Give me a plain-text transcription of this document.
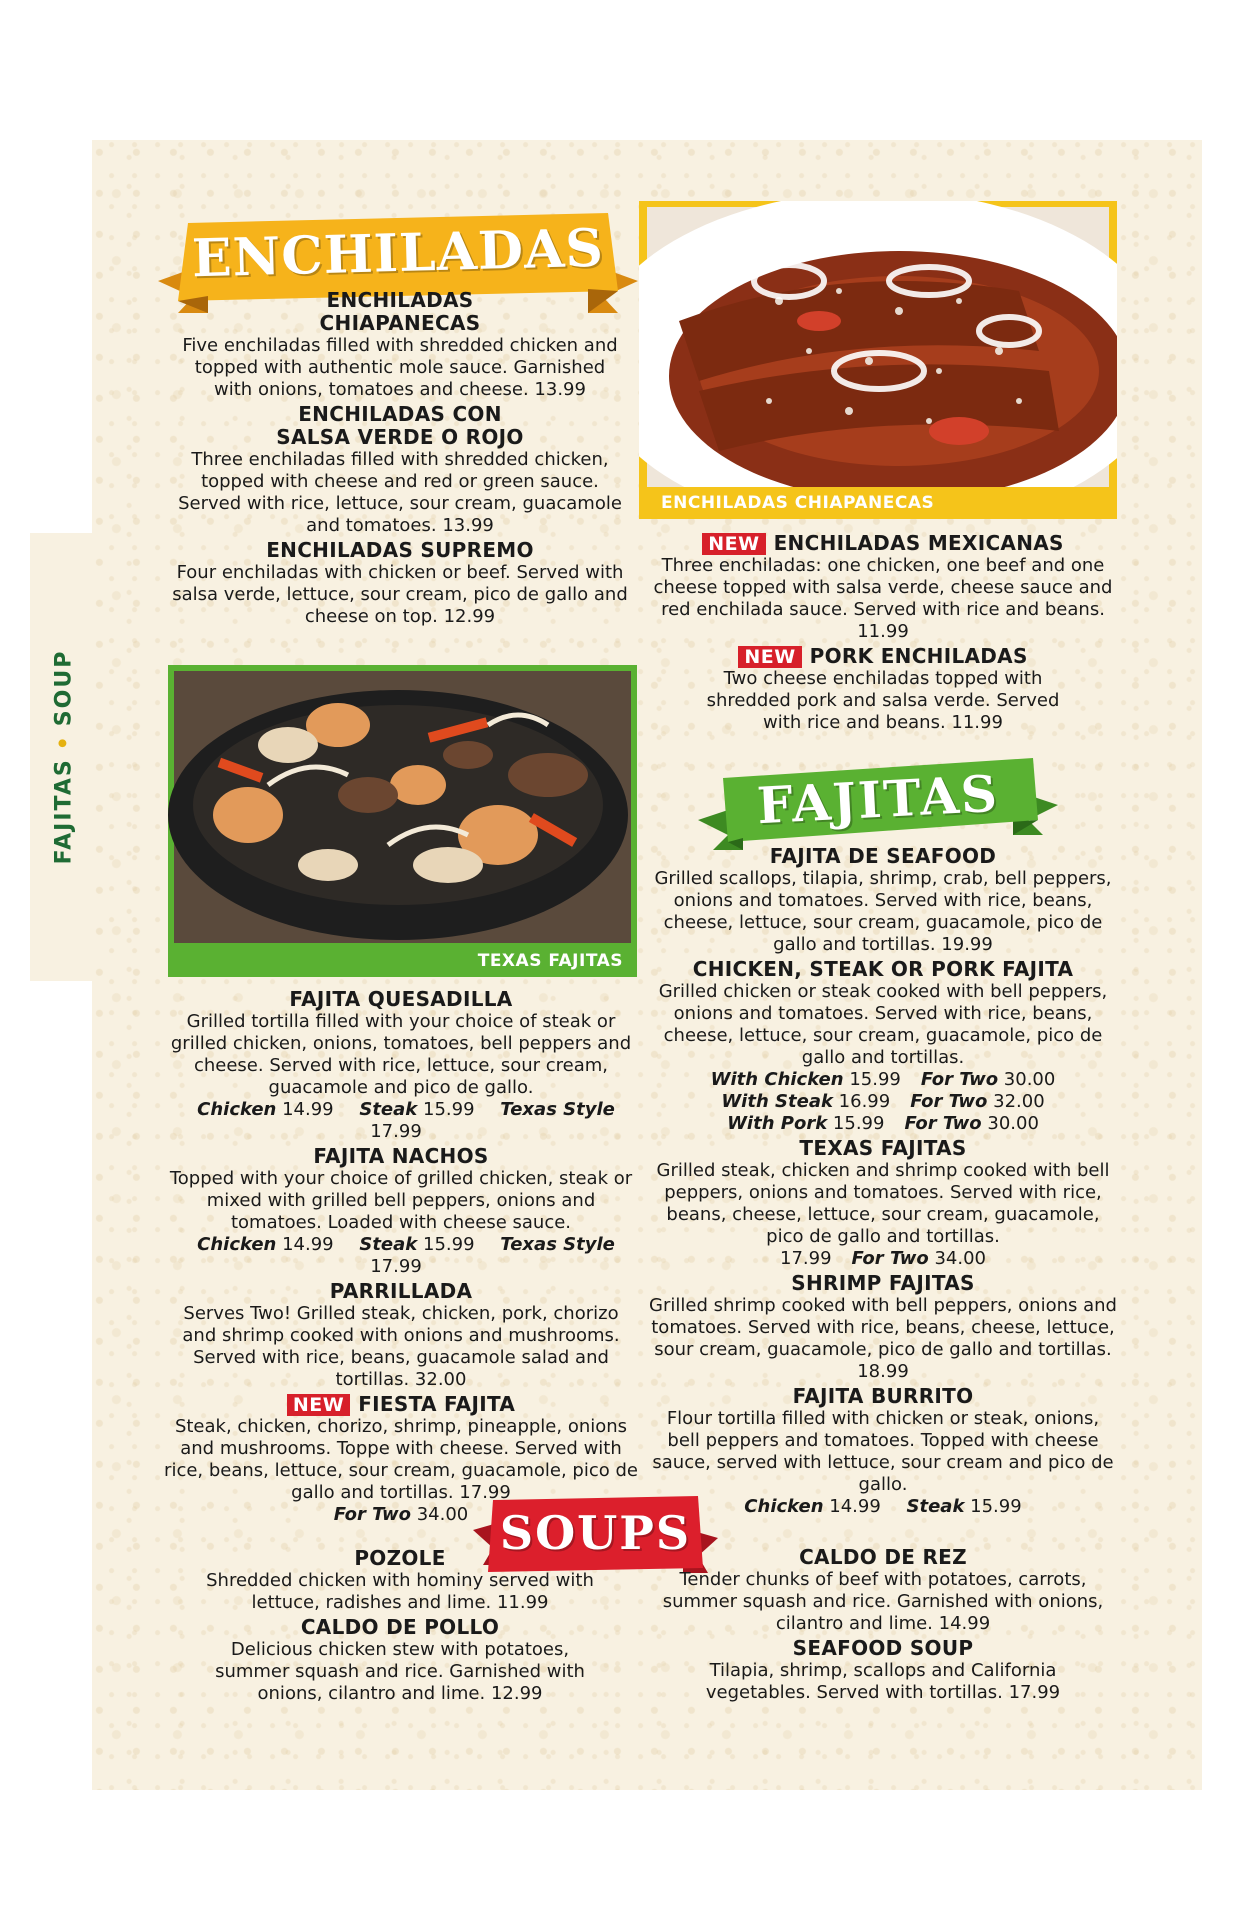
FAJITAS•SOUP
ENCHILADAS
ENCHILADAS CHIAPANECAS
ENCHILADAS CHIAPANECAS
Five enchiladas filled with shredded chicken and topped with authentic mole sauce. Garnished with onions, tomatoes and cheese. 13.99
ENCHILADAS CON SALSA VERDE O ROJO
Three enchiladas filled with shredded chicken, topped with cheese and red or green sauce. Served with rice, lettuce, sour cream, guacamole and tomatoes. 13.99
ENCHILADAS SUPREMO
Four enchiladas with chicken or beef. Served with salsa verde, lettuce, sour cream, pico de gallo and cheese on top. 12.99
NEW ENCHILADAS MEXICANAS
Three enchiladas: one chicken, one beef and one cheese topped with salsa verde, cheese sauce and red enchilada sauce. Served with rice and beans. 11.99
NEW PORK ENCHILADAS
Two cheese enchiladas topped with shredded pork and salsa verde. Served with rice and beans. 11.99
TEXAS FAJITAS
FAJITAS
FAJITA QUESADILLA
Grilled tortilla filled with your choice of steak or grilled chicken, onions, tomatoes, bell peppers and cheese. Served with rice, lettuce, sour cream, guacamole and pico de gallo.
Chicken 14.99 Steak 15.99 Texas Style 17.99
FAJITA NACHOS
Topped with your choice of grilled chicken, steak or mixed with grilled bell peppers, onions and tomatoes. Loaded with cheese sauce.
Chicken 14.99 Steak 15.99 Texas Style 17.99
PARRILLADA
Serves Two! Grilled steak, chicken, pork, chorizo and shrimp cooked with onions and mushrooms. Served with rice, beans, guacamole salad and tortillas. 32.00
NEW FIESTA FAJITA
Steak, chicken, chorizo, shrimp, pineapple, onions and mushrooms. Toppe with cheese. Served with rice, beans, lettuce, sour cream, guacamole, pico de gallo and tortillas. 17.99
For Two 34.00
FAJITA DE SEAFOOD
Grilled scallops, tilapia, shrimp, crab, bell peppers, onions and tomatoes. Served with rice, beans, cheese, lettuce, sour cream, guacamole, pico de gallo and tortillas. 19.99
CHICKEN, STEAK OR PORK FAJITA
Grilled chicken or steak cooked with bell peppers, onions and tomatoes. Served with rice, beans, cheese, lettuce, sour cream, guacamole, pico de gallo and tortillas.
With Chicken 15.99 For Two 30.00
With Steak 16.99 For Two 32.00
With Pork 15.99 For Two 30.00
TEXAS FAJITAS
Grilled steak, chicken and shrimp cooked with bell peppers, onions and tomatoes. Served with rice, beans, cheese, lettuce, sour cream, guacamole, pico de gallo and tortillas.
17.99 For Two 34.00
SHRIMP FAJITAS
Grilled shrimp cooked with bell peppers, onions and tomatoes. Served with rice, beans, cheese, lettuce, sour cream, guacamole, pico de gallo and tortillas. 18.99
FAJITA BURRITO
Flour tortilla filled with chicken or steak, onions, bell peppers and tomatoes. Topped with cheese sauce, served with lettuce, sour cream and pico de gallo.
Chicken 14.99 Steak 15.99
SOUPS
POZOLE
Shredded chicken with hominy served with lettuce, radishes and lime. 11.99
CALDO DE POLLO
Delicious chicken stew with potatoes, summer squash and rice. Garnished with onions, cilantro and lime. 12.99
CALDO DE REZ
Tender chunks of beef with potatoes, carrots, summer squash and rice. Garnished with onions, cilantro and lime. 14.99
SEAFOOD SOUP
Tilapia, shrimp, scallops and California vegetables. Served with tortillas. 17.99
